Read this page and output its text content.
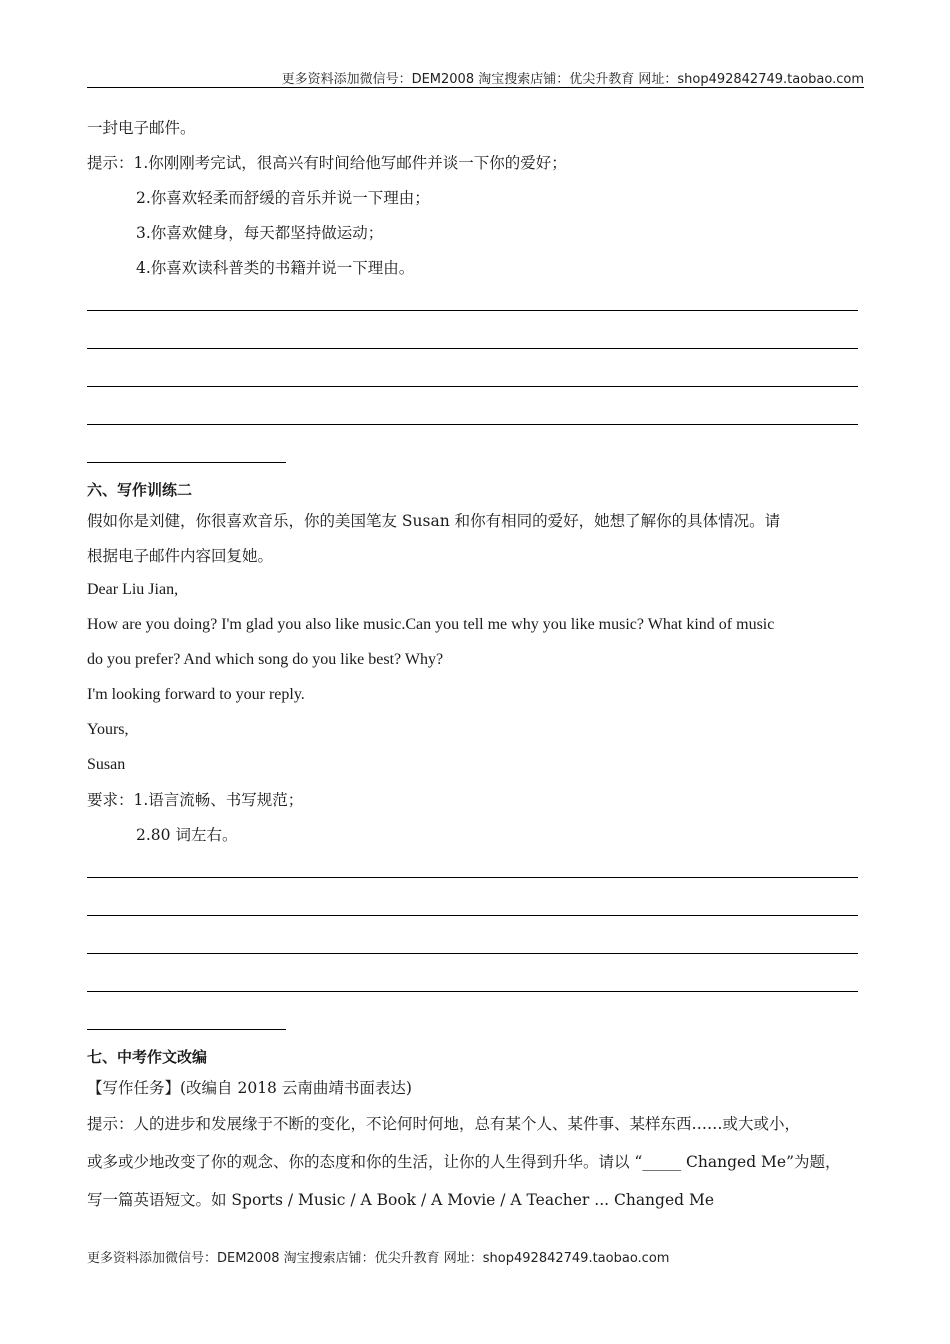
更多资料添加微信号：DEM2008 淘宝搜索店铺：优尖升教育 网址：shop492842749.taobao.com
一封电子邮件。
提示：1.你刚刚考完试，很高兴有时间给他写邮件并谈一下你的爱好；
2.你喜欢轻柔而舒缓的音乐并说一下理由；
3.你喜欢健身，每天都坚持做运动；
4.你喜欢读科普类的书籍并说一下理由。
六、写作训练二
假如你是刘健，你很喜欢音乐，你的美国笔友 Susan 和你有相同的爱好，她想了解你的具体情况。请
根据电子邮件内容回复她。
Dear Liu Jian,
How are you doing? I'm glad you also like music.Can you tell me why you like music? What kind of music
do you prefer? And which song do you like best? Why?
I'm looking forward to your reply.
Yours,
Susan
要求：1.语言流畅、书写规范；
2.80 词左右。
七、中考作文改编
【写作任务】(改编自 2018 云南曲靖书面表达)
提示：人的进步和发展缘于不断的变化，不论何时何地，总有某个人、某件事、某样东西……或大或小，
或多或少地改变了你的观念、你的态度和你的生活，让你的人生得到升华。请以 “_____ Changed Me”为题，
写一篇英语短文。如 Sports / Music / A Book / A Movie / A Teacher ... Changed Me
更多资料添加微信号：DEM2008 淘宝搜索店铺：优尖升教育 网址：shop492842749.taobao.com
